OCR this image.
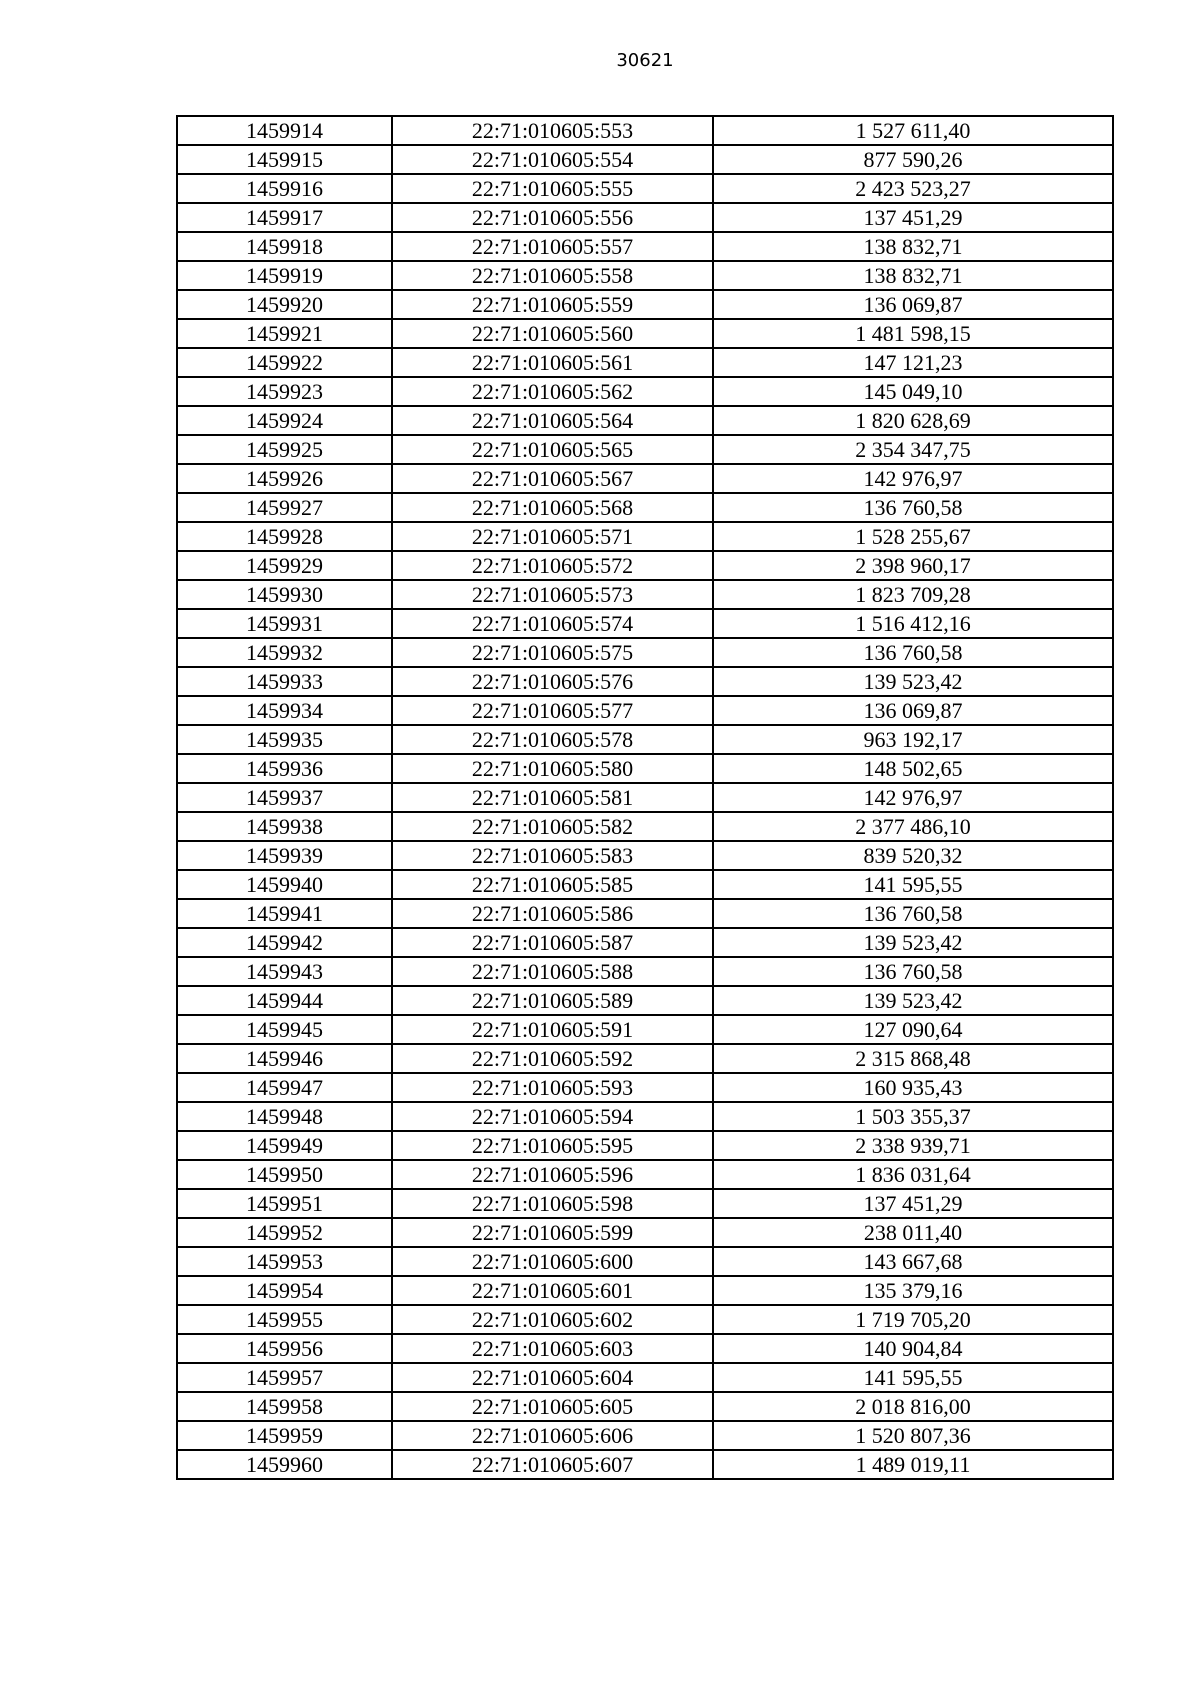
30621
1459914	22:71:010605:553	1 527 611,40
1459915	22:71:010605:554	877 590,26
1459916	22:71:010605:555	2 423 523,27
1459917	22:71:010605:556	137 451,29
1459918	22:71:010605:557	138 832,71
1459919	22:71:010605:558	138 832,71
1459920	22:71:010605:559	136 069,87
1459921	22:71:010605:560	1 481 598,15
1459922	22:71:010605:561	147 121,23
1459923	22:71:010605:562	145 049,10
1459924	22:71:010605:564	1 820 628,69
1459925	22:71:010605:565	2 354 347,75
1459926	22:71:010605:567	142 976,97
1459927	22:71:010605:568	136 760,58
1459928	22:71:010605:571	1 528 255,67
1459929	22:71:010605:572	2 398 960,17
1459930	22:71:010605:573	1 823 709,28
1459931	22:71:010605:574	1 516 412,16
1459932	22:71:010605:575	136 760,58
1459933	22:71:010605:576	139 523,42
1459934	22:71:010605:577	136 069,87
1459935	22:71:010605:578	963 192,17
1459936	22:71:010605:580	148 502,65
1459937	22:71:010605:581	142 976,97
1459938	22:71:010605:582	2 377 486,10
1459939	22:71:010605:583	839 520,32
1459940	22:71:010605:585	141 595,55
1459941	22:71:010605:586	136 760,58
1459942	22:71:010605:587	139 523,42
1459943	22:71:010605:588	136 760,58
1459944	22:71:010605:589	139 523,42
1459945	22:71:010605:591	127 090,64
1459946	22:71:010605:592	2 315 868,48
1459947	22:71:010605:593	160 935,43
1459948	22:71:010605:594	1 503 355,37
1459949	22:71:010605:595	2 338 939,71
1459950	22:71:010605:596	1 836 031,64
1459951	22:71:010605:598	137 451,29
1459952	22:71:010605:599	238 011,40
1459953	22:71:010605:600	143 667,68
1459954	22:71:010605:601	135 379,16
1459955	22:71:010605:602	1 719 705,20
1459956	22:71:010605:603	140 904,84
1459957	22:71:010605:604	141 595,55
1459958	22:71:010605:605	2 018 816,00
1459959	22:71:010605:606	1 520 807,36
1459960	22:71:010605:607	1 489 019,11
